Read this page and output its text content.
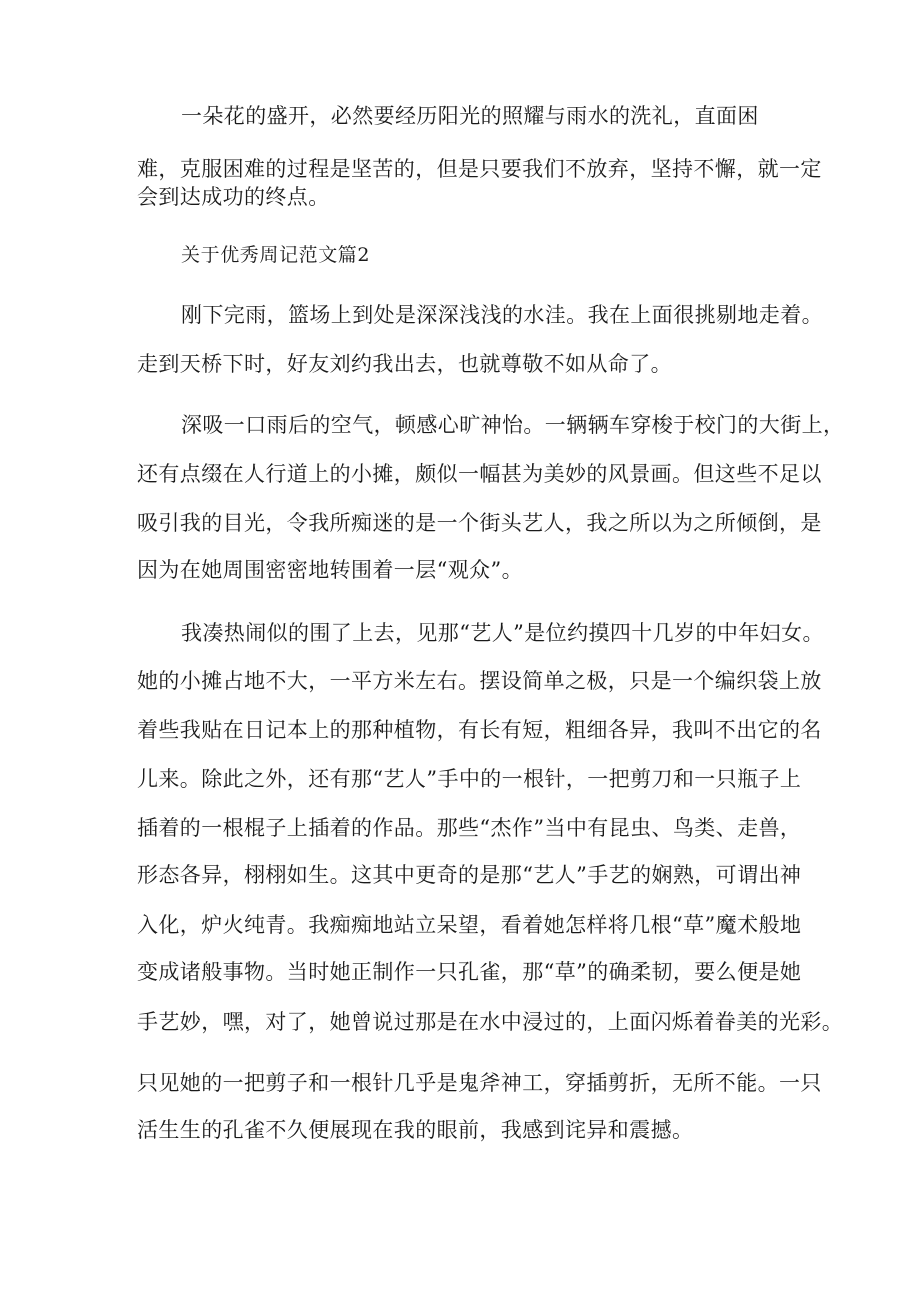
一朵花的盛开，必然要经历阳光的照耀与雨水的洗礼，直面困
难，克服困难的过程是坚苦的，但是只要我们不放弃，坚持不懈，就一定
会到达成功的终点。
关于优秀周记范文篇2
刚下完雨，篮场上到处是深深浅浅的水洼。我在上面很挑剔地走着。
走到天桥下时，好友刘约我出去，也就尊敬不如从命了。
深吸一口雨后的空气，顿感心旷神怡。一辆辆车穿梭于校门的大街上，
还有点缀在人行道上的小摊，颇似一幅甚为美妙的风景画。但这些不足以
吸引我的目光，令我所痴迷的是一个街头艺人，我之所以为之所倾倒，是
因为在她周围密密地转围着一层“观众”。
我凑热闹似的围了上去，见那“艺人”是位约摸四十几岁的中年妇女。
她的小摊占地不大，一平方米左右。摆设简单之极，只是一个编织袋上放
着些我贴在日记本上的那种植物，有长有短，粗细各异，我叫不出它的名
儿来。除此之外，还有那“艺人”手中的一根针，一把剪刀和一只瓶子上
插着的一根棍子上插着的作品。那些“杰作”当中有昆虫、鸟类、走兽，
形态各异，栩栩如生。这其中更奇的是那“艺人”手艺的娴熟，可谓出神
入化，炉火纯青。我痴痴地站立呆望，看着她怎样将几根“草”魔术般地
变成诸般事物。当时她正制作一只孔雀，那“草”的确柔韧，要么便是她
手艺妙，嘿，对了，她曾说过那是在水中浸过的，上面闪烁着眷美的光彩。
只见她的一把剪子和一根针几乎是鬼斧神工，穿插剪折，无所不能。一只
活生生的孔雀不久便展现在我的眼前，我感到诧异和震撼。
